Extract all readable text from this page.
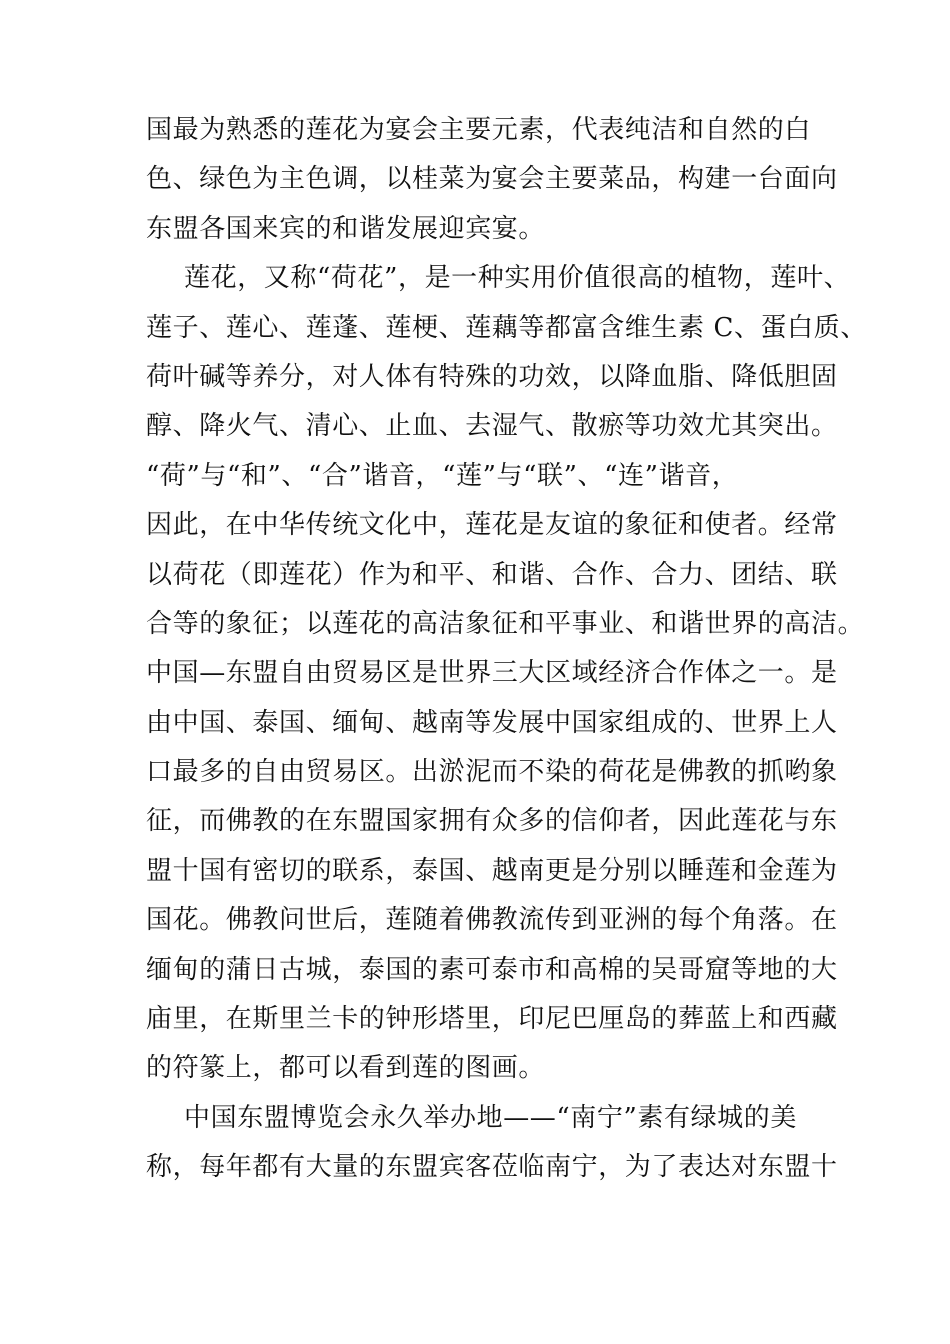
国最为熟悉的莲花为宴会主要元素，代表纯洁和自然的白
色、绿色为主色调，以桂菜为宴会主要菜品，构建一台面向
东盟各国来宾的和谐发展迎宾宴。
莲花，又称“荷花”，是一种实用价值很高的植物，莲叶、
莲子、莲心、莲蓬、莲梗、莲藕等都富含维生素 C、蛋白质、
荷叶碱等养分，对人体有特殊的功效，以降血脂、降低胆固
醇、降火气、清心、止血、去湿气、散瘀等功效尤其突出。
“荷”与“和”、“合”谐音，“莲”与“联”、“连”谐音，
因此，在中华传统文化中，莲花是友谊的象征和使者。经常
以荷花（即莲花）作为和平、和谐、合作、合力、团结、联
合等的象征；以莲花的高洁象征和平事业、和谐世界的高洁。
中国—东盟自由贸易区是世界三大区域经济合作体之一。是
由中国、泰国、缅甸、越南等发展中国家组成的、世界上人
口最多的自由贸易区。出淤泥而不染的荷花是佛教的抓哟象
征，而佛教的在东盟国家拥有众多的信仰者，因此莲花与东
盟十国有密切的联系，泰国、越南更是分别以睡莲和金莲为
国花。佛教问世后，莲随着佛教流传到亚洲的每个角落。在
缅甸的蒲日古城，泰国的素可泰市和高棉的吴哥窟等地的大
庙里，在斯里兰卡的钟形塔里，印尼巴厘岛的葬蓝上和西藏
的符篆上，都可以看到莲的图画。
中国东盟博览会永久举办地——“南宁”素有绿城的美
称，每年都有大量的东盟宾客莅临南宁，为了表达对东盟十
